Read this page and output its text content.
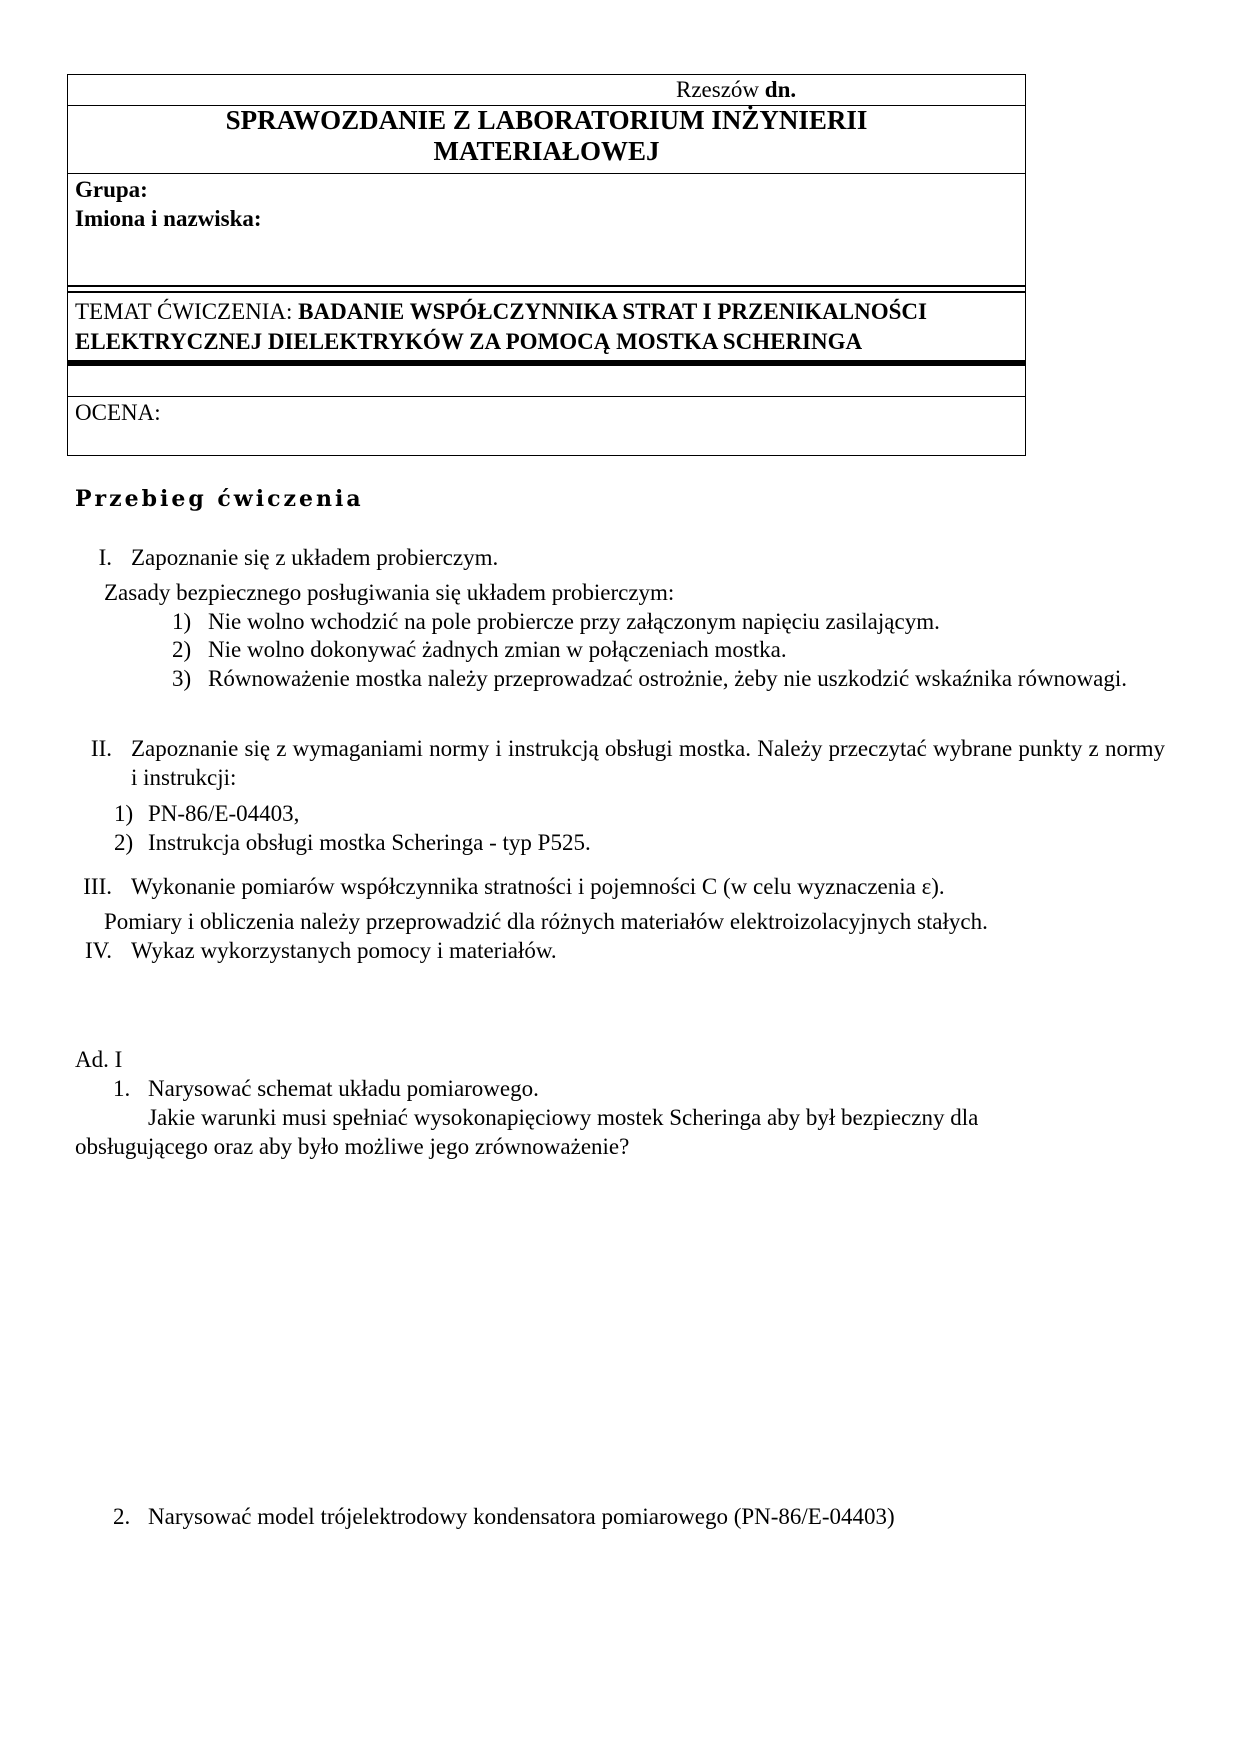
Rzeszów dn.
SPRAWOZDANIE Z LABORATORIUM INŻYNIERII
MATERIAŁOWEJ
Grupa:
Imiona i nazwiska:
TEMAT ĆWICZENIA: BADANIE WSPÓŁCZYNNIKA STRAT I PRZENIKALNOŚCI
ELEKTRYCZNEJ DIELEKTRYKÓW ZA POMOCĄ MOSTKA SCHERINGA
OCENA:
Przebieg ćwiczenia
I. Zapoznanie się z układem probierczym.
Zasady bezpiecznego posługiwania się układem probierczym:
1) Nie wolno wchodzić na pole probiercze przy załączonym napięciu zasilającym.
2) Nie wolno dokonywać żadnych zmian w połączeniach mostka.
3) Równoważenie mostka należy przeprowadzać ostrożnie, żeby nie uszkodzić wskaźnika równowagi.
II. Zapoznanie się z wymaganiami normy i instrukcją obsługi mostka. Należy przeczytać wybrane punkty z normy i instrukcji:
1) PN-86/E-04403,
2) Instrukcja obsługi mostka Scheringa - typ P525.
III. Wykonanie pomiarów współczynnika stratności i pojemności C (w celu wyznaczenia ε).
Pomiary i obliczenia należy przeprowadzić dla różnych materiałów elektroizolacyjnych stałych.
IV. Wykaz wykorzystanych pomocy i materiałów.
Ad. I
1. Narysować schemat układu pomiarowego.
Jakie warunki musi spełniać wysokonapięciowy mostek Scheringa aby był bezpieczny dla
obsługującego oraz aby było możliwe jego zrównoważenie?
2. Narysować model trójelektrodowy kondensatora pomiarowego (PN-86/E-04403)
